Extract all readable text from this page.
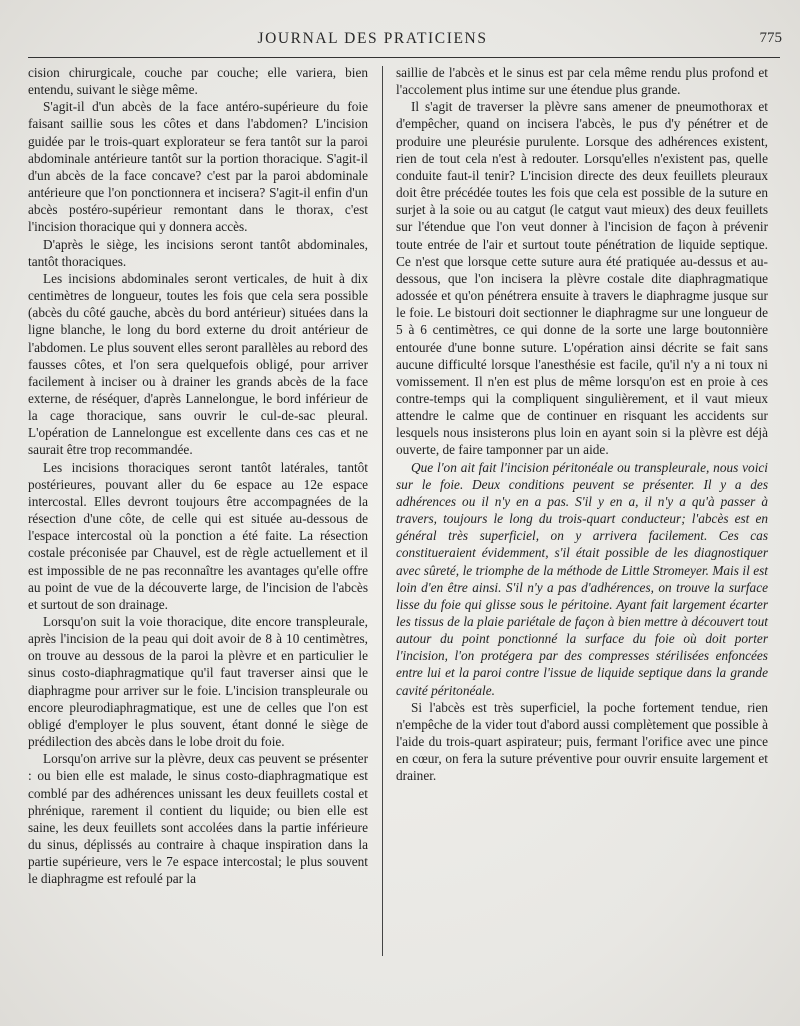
JOURNAL DES PRATICIENS	775

cision chirurgicale, couche par couche; elle variera, bien entendu, suivant le siège même.

S'agit-il d'un abcès de la face antéro-supérieure du foie faisant saillie sous les côtes et dans l'abdomen? L'incision guidée par le trois-quart explorateur se fera tantôt sur la paroi abdominale antérieure tantôt sur la portion thoracique. S'agit-il d'un abcès de la face concave? c'est par la paroi abdominale antérieure que l'on ponctionnera et incisera? S'agit-il enfin d'un abcès postéro-supérieur remontant dans le thorax, c'est l'incision thoracique qui y donnera accès.

D'après le siège, les incisions seront tantôt abdominales, tantôt thoraciques.

Les incisions abdominales seront verticales, de huit à dix centimètres de longueur, toutes les fois que cela sera possible (abcès du côté gauche, abcès du bord antérieur) situées dans la ligne blanche, le long du bord externe du droit antérieur de l'abdomen. Le plus souvent elles seront parallèles au rebord des fausses côtes, et l'on sera quelquefois obligé, pour arriver facilement à inciser ou à drainer les grands abcès de la face externe, de réséquer, d'après Lannelongue, le bord inférieur de la cage thoracique, sans ouvrir le cul-de-sac pleural. L'opération de Lannelongue est excellente dans ces cas et ne saurait être trop recommandée.

Les incisions thoraciques seront tantôt latérales, tantôt postérieures, pouvant aller du 6e espace au 12e espace intercostal. Elles devront toujours être accompagnées de la résection d'une côte, de celle qui est située au-dessous de l'espace intercostal où la ponction a été faite. La résection costale préconisée par Chauvel, est de règle actuellement et il est impossible de ne pas reconnaître les avantages qu'elle offre au point de vue de la découverte large, de l'incision de l'abcès et surtout de son drainage.

Lorsqu'on suit la voie thoracique, dite encore transpleurale, après l'incision de la peau qui doit avoir de 8 à 10 centimètres, on trouve au dessous de la paroi la plèvre et en particulier le sinus costo-diaphragmatique qu'il faut traverser ainsi que le diaphragme pour arriver sur le foie. L'incision transpleurale ou encore pleurodiaphragmatique, est une de celles que l'on est obligé d'employer le plus souvent, étant donné le siège de prédilection des abcès dans le lobe droit du foie.

Lorsqu'on arrive sur la plèvre, deux cas peuvent se présenter : ou bien elle est malade, le sinus costo-diaphragmatique est comblé par des adhérences unissant les deux feuillets costal et phrénique, rarement il contient du liquide; ou bien elle est saine, les deux feuillets sont accolées dans la partie inférieure du sinus, déplissés au contraire à chaque inspiration dans la partie supérieure, vers le 7e espace intercostal; le plus souvent le diaphragme est refoulé par la

saillie de l'abcès et le sinus est par cela même rendu plus profond et l'accolement plus intime sur une étendue plus grande.

Il s'agit de traverser la plèvre sans amener de pneumothorax et d'empêcher, quand on incisera l'abcès, le pus d'y pénétrer et de produire une pleurésie purulente. Lorsque des adhérences existent, rien de tout cela n'est à redouter. Lorsqu'elles n'existent pas, quelle conduite faut-il tenir? L'incision directe des deux feuillets pleuraux doit être précédée toutes les fois que cela est possible de la suture en surjet à la soie ou au catgut (le catgut vaut mieux) des deux feuillets sur l'étendue que l'on veut donner à l'incision de façon à prévenir toute entrée de l'air et surtout toute pénétration de liquide septique. Ce n'est que lorsque cette suture aura été pratiquée au-dessus et au-dessous, que l'on incisera la plèvre costale dite diaphragmatique adossée et qu'on pénétrera ensuite à travers le diaphragme jusque sur le foie. Le bistouri doit sectionner le diaphragme sur une longueur de 5 à 6 centimètres, ce qui donne de la sorte une large boutonnière entourée d'une bonne suture. L'opération ainsi décrite se fait sans aucune difficulté lorsque l'anesthésie est facile, qu'il n'y a ni toux ni vomissement. Il n'en est plus de même lorsqu'on est en proie à ces contre-temps qui la compliquent singulièrement, et il vaut mieux attendre le calme que de continuer en risquant les accidents sur lesquels nous insisterons plus loin en ayant soin si la plèvre est déjà ouverte, de faire tamponner par un aide.

Que l'on ait fait l'incision péritonéale ou transpleurale, nous voici sur le foie. Deux conditions peuvent se présenter. Il y a des adhérences ou il n'y en a pas. S'il y en a, il n'y a qu'à passer à travers, toujours le long du trois-quart conducteur; l'abcès est en général très superficiel, on y arrivera facilement. Ces cas constitueraient évidemment, s'il était possible de les diagnostiquer avec sûreté, le triomphe de la méthode de Little Stromeyer. Mais il est loin d'en être ainsi. S'il n'y a pas d'adhérences, on trouve la surface lisse du foie qui glisse sous le péritoine. Ayant fait largement écarter les tissus de la plaie pariétale de façon à bien mettre à découvert tout autour du point ponctionné la surface du foie où doit porter l'incision, l'on protégera par des compresses stérilisées enfoncées entre lui et la paroi contre l'issue de liquide septique dans la grande cavité péritonéale.

Si l'abcès est très superficiel, la poche fortement tendue, rien n'empêche de la vider tout d'abord aussi complètement que possible à l'aide du trois-quart aspirateur; puis, fermant l'orifice avec une pince en cœur, on fera la suture préventive pour ouvrir ensuite largement et drainer.
